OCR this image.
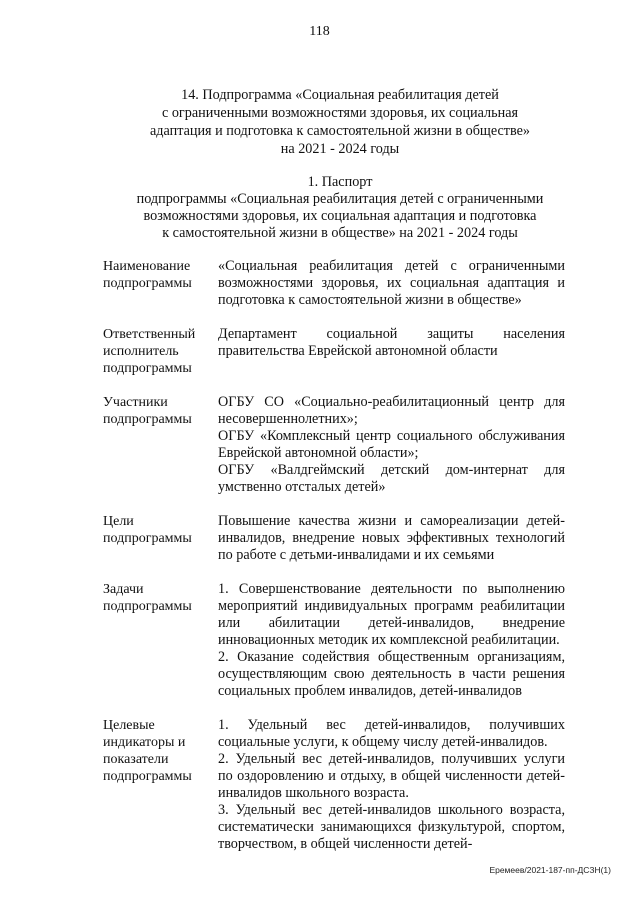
118
14. Подпрограмма «Социальная реабилитация детей
с ограниченными возможностями здоровья, их социальная
адаптация и подготовка к самостоятельной жизни в обществе»
на 2021 - 2024 годы
1. Паспорт
подпрограммы «Социальная реабилитация детей с ограниченными
возможностями здоровья, их социальная адаптация и подготовка
к самостоятельной жизни в обществе» на 2021 - 2024 годы
Наименование
подпрограммы

«Социальная реабилитация детей с ограниченными возможностями здоровья, их социальная адаптация и подготовка к самостоятельной жизни в обществе»

Ответственный
исполнитель
подпрограммы

Департамент социальной защиты населения правительства Еврейской автономной области

Участники
подпрограммы

ОГБУ СО «Социально-реабилитационный центр для несовершеннолетних»;

ОГБУ «Комплексный центр социального обслуживания Еврейской автономной области»;

ОГБУ «Валдгеймский детский дом-интернат для умственно отсталых детей»

Цели
подпрограммы

Повышение качества жизни и самореализации детей-инвалидов, внедрение новых эффективных технологий по работе с детьми-инвалидами и их семьями

Задачи
подпрограммы

1. Совершенствование деятельности по выполнению мероприятий индивидуальных программ реабилитации или абилитации детей-инвалидов, внедрение инновационных методик их комплексной реабилитации.

2. Оказание содействия общественным организациям, осуществляющим свою деятельность в части решения социальных проблем инвалидов, детей-инвалидов

Целевые
индикаторы и
показатели
подпрограммы

1. Удельный вес детей-инвалидов, получивших социальные услуги, к общему числу детей-инвалидов.

2. Удельный вес детей-инвалидов, получивших услуги по оздоровлению и отдыху, в общей численности детей-инвалидов школьного возраста.

3. Удельный вес детей-инвалидов школьного возраста, систематически занимающихся физкультурой, спортом, творчеством, в общей численности детей-

Еремеев/2021-187-пп-ДСЗН(1)
